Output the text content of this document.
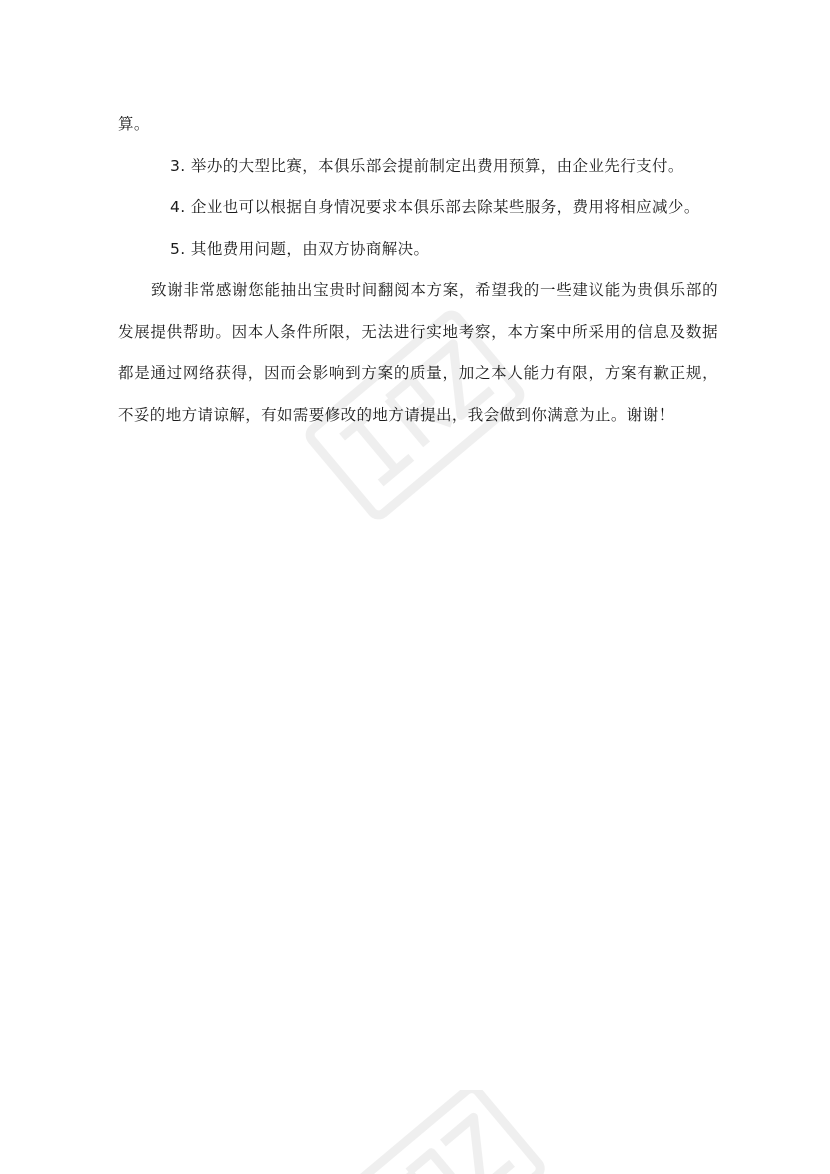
算。

3. 举办的大型比赛，本俱乐部会提前制定出费用预算，由企业先行支付。

4. 企业也可以根据自身情况要求本俱乐部去除某些服务，费用将相应减少。

5. 其他费用问题，由双方协商解决。

致谢非常感谢您能抽出宝贵时间翻阅本方案，希望我的一些建议能为贵俱乐部的发展提供帮助。因本人条件所限，无法进行实地考察，本方案中所采用的信息及数据都是通过网络获得，因而会影响到方案的质量，加之本人能力有限，方案有歉正规，不妥的地方请谅解，有如需要修改的地方请提出，我会做到你满意为止。谢谢！
